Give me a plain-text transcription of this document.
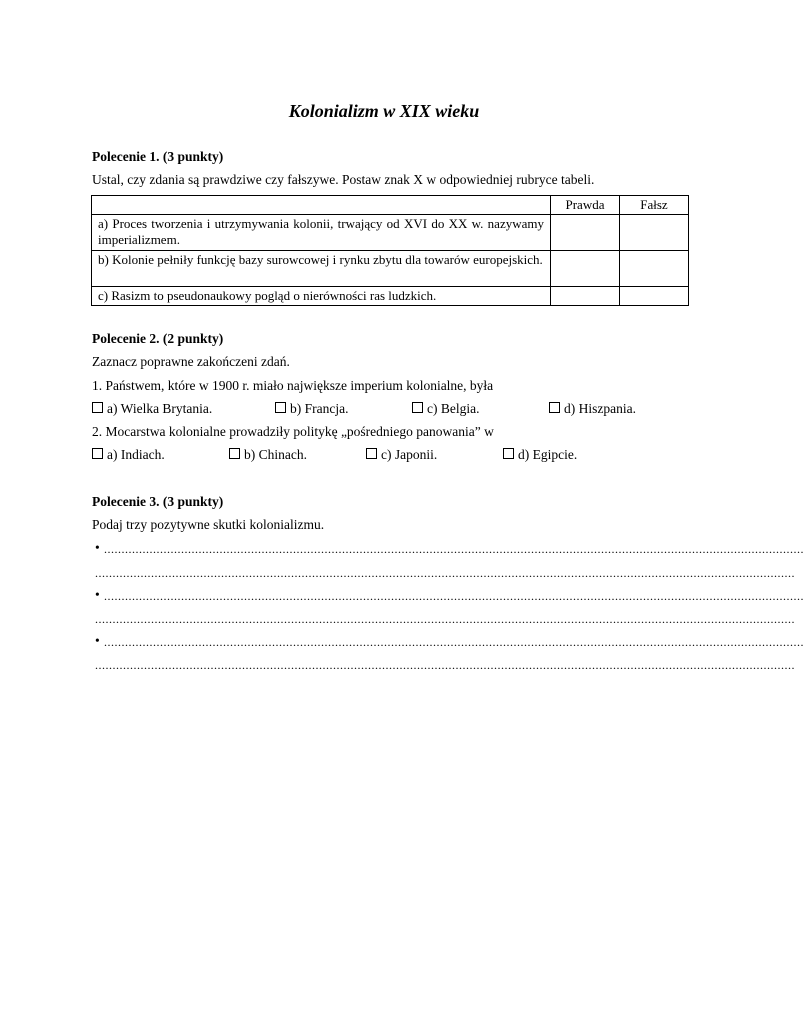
Kolonializm w XIX wieku
Polecenie 1. (3 punkty)
Ustal, czy zdania są prawdziwe czy fałszywe. Postaw znak X w odpowiedniej rubryce tabeli.
	Prawda	Fałsz
a) Proces tworzenia i utrzymywania kolonii, trwający od XVI do XX w. nazywamy imperializmem.		
b) Kolonie pełniły funkcję bazy surowcowej i rynku zbytu dla towarów europejskich.		
c) Rasizm to pseudonaukowy pogląd o nierówności ras ludzkich.		
Polecenie 2. (2 punkty)
Zaznacz poprawne zakończeni zdań.
1. Państwem, które w 1900 r. miało największe imperium kolonialne, była
a) Wielka Brytania.	b) Francja.	c) Belgia.	d) Hiszpania.
2. Mocarstwa kolonialne prowadziły politykę „pośredniego panowania” w
a) Indiach.	b) Chinach.	c) Japonii.	d) Egipcie.
Polecenie 3. (3 punkty)
Podaj trzy pozytywne skutki kolonializmu.
• ........................................................................................................................................................................................................
........................................................................................................................................................................................................
• ........................................................................................................................................................................................................
........................................................................................................................................................................................................
• ........................................................................................................................................................................................................
........................................................................................................................................................................................................
